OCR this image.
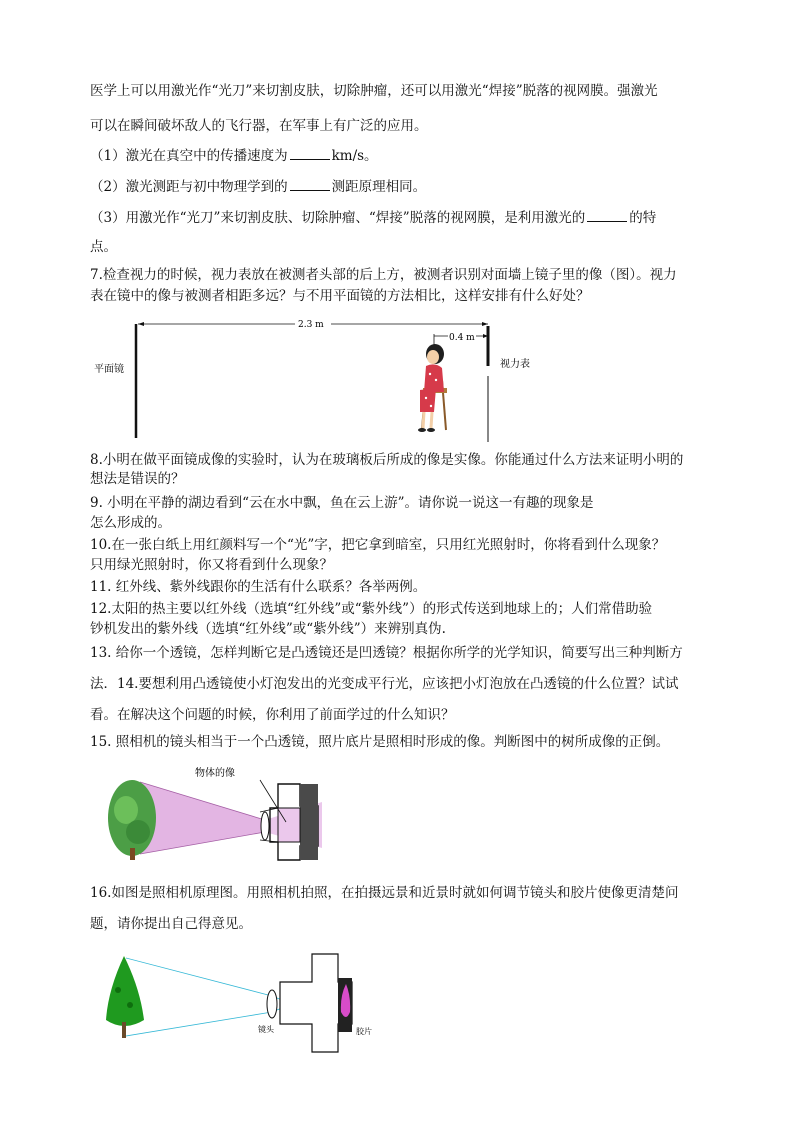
医学上可以用激光作“光刀”来切割皮肤，切除肿瘤，还可以用激光“焊接”脱落的视网膜。强激光
可以在瞬间破坏敌人的飞行器，在军事上有广泛的应用。
（1）激光在真空中的传播速度为	km/s。
（2）激光测距与初中物理学到的	测距原理相同。
（3）用激光作“光刀”来切割皮肤、切除肿瘤、“焊接”脱落的视网膜，是利用激光的	的特
点。
7.检查视力的时候，视力表放在被测者头部的后上方，被测者识别对面墙上镜子里的像（图）。视力
表在镜中的像与被测者相距多远？与不用平面镜的方法相比，这样安排有什么好处？
平面镜
2.3 m
0.4 m
视力表
8.小明在做平面镜成像的实验时，认为在玻璃板后所成的像是实像。你能通过什么方法来证明小明的
想法是错误的？
9. 小明在平静的湖边看到“云在水中飘，鱼在云上游”。请你说一说这一有趣的现象是
怎么形成的。
10.在一张白纸上用红颜料写一个“光”字，把它拿到暗室，只用红光照射时，你将看到什么现象？
只用绿光照射时，你又将看到什么现象？
11. 红外线、紫外线跟你的生活有什么联系？各举两例。
12.太阳的热主要以红外线（选填“红外线”或“紫外线”）的形式传送到地球上的；人们常借助验
钞机发出的紫外线（选填“红外线”或“紫外线”）来辨别真伪.
13. 给你一个透镜，怎样判断它是凸透镜还是凹透镜？根据你所学的光学知识，简要写出三种判断方
法．14.要想利用凸透镜使小灯泡发出的光变成平行光，应该把小灯泡放在凸透镜的什么位置？试试
看。在解决这个问题的时候，你利用了前面学过的什么知识？
15. 照相机的镜头相当于一个凸透镜，照片底片是照相时形成的像。判断图中的树所成像的正倒。
物体的像
16.如图是照相机原理图。用照相机拍照，在拍摄远景和近景时就如何调节镜头和胶片使像更清楚问
题，请你提出自己得意见。
镜头	胶片
